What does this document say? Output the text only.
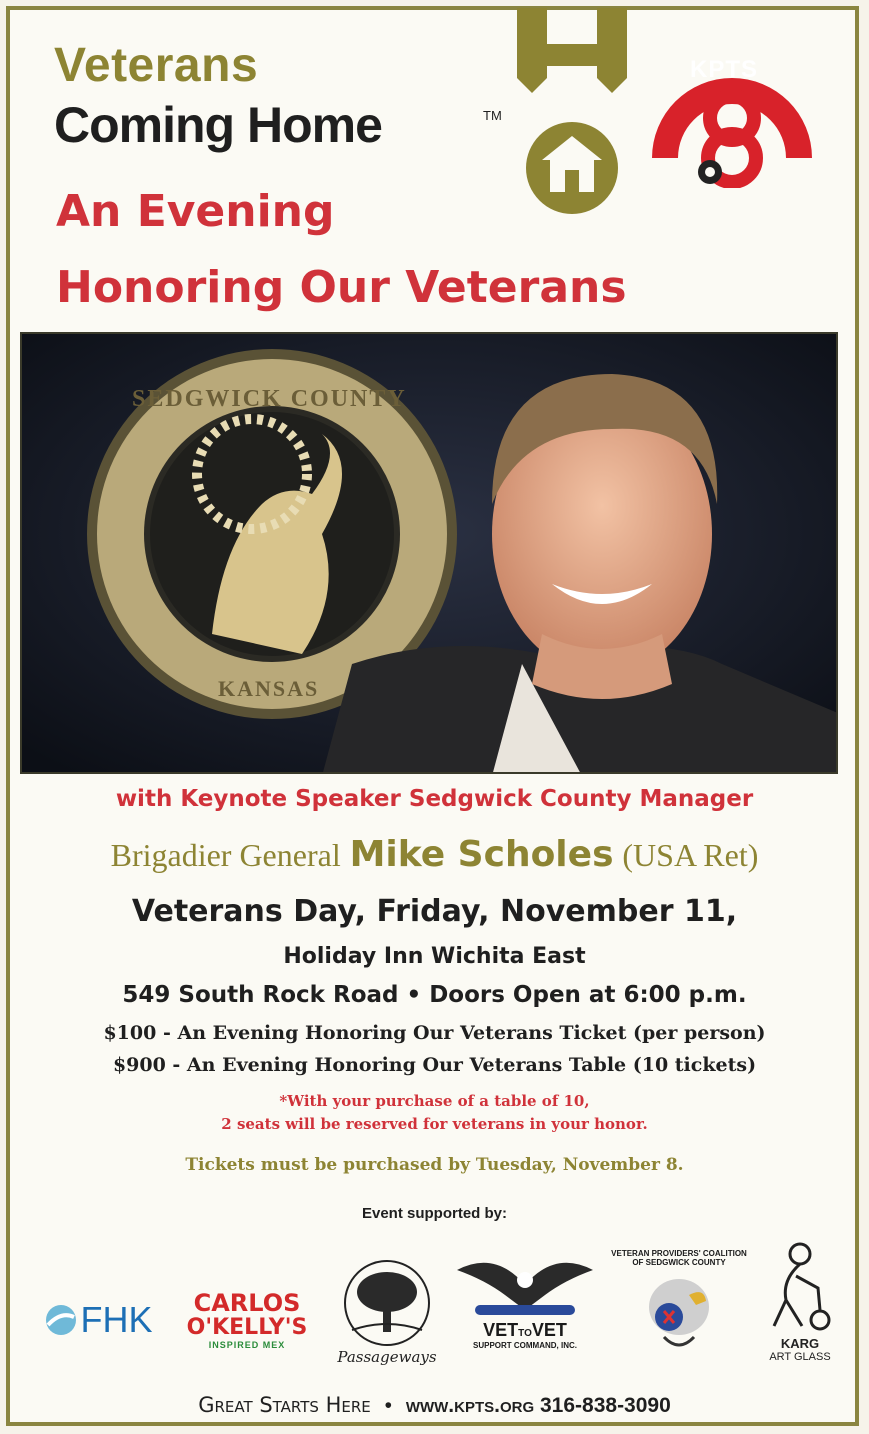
Veterans
Coming Home	TM
An Evening
Honoring Our Veterans
KPTS
SEDGWICK COUNTY
KANSAS
with Keynote Speaker Sedgwick County Manager
Brigadier General Mike Scholes (USA Ret)
Veterans Day, Friday, November 11,
Holiday Inn Wichita East
549 South Rock Road • Doors Open at 6:00 p.m.
$100 - An Evening Honoring Our Veterans Ticket (per person)
$900 - An Evening Honoring Our Veterans Table (10 tickets)
*With your purchase of a table of 10,
2 seats will be reserved for veterans in your honor.
Tickets must be purchased by Tuesday, November 8.
Event supported by:
FHK CARLOS
O'KELLY'S
INSPIRED MEX
Passageways
VETTOVET
SUPPORT COMMAND, INC.
VETERAN PROVIDERS' COALITION
OF SEDGWICK COUNTY
KARG
ART GLASS
Great Starts Here • www.kpts.org 316-838-3090
